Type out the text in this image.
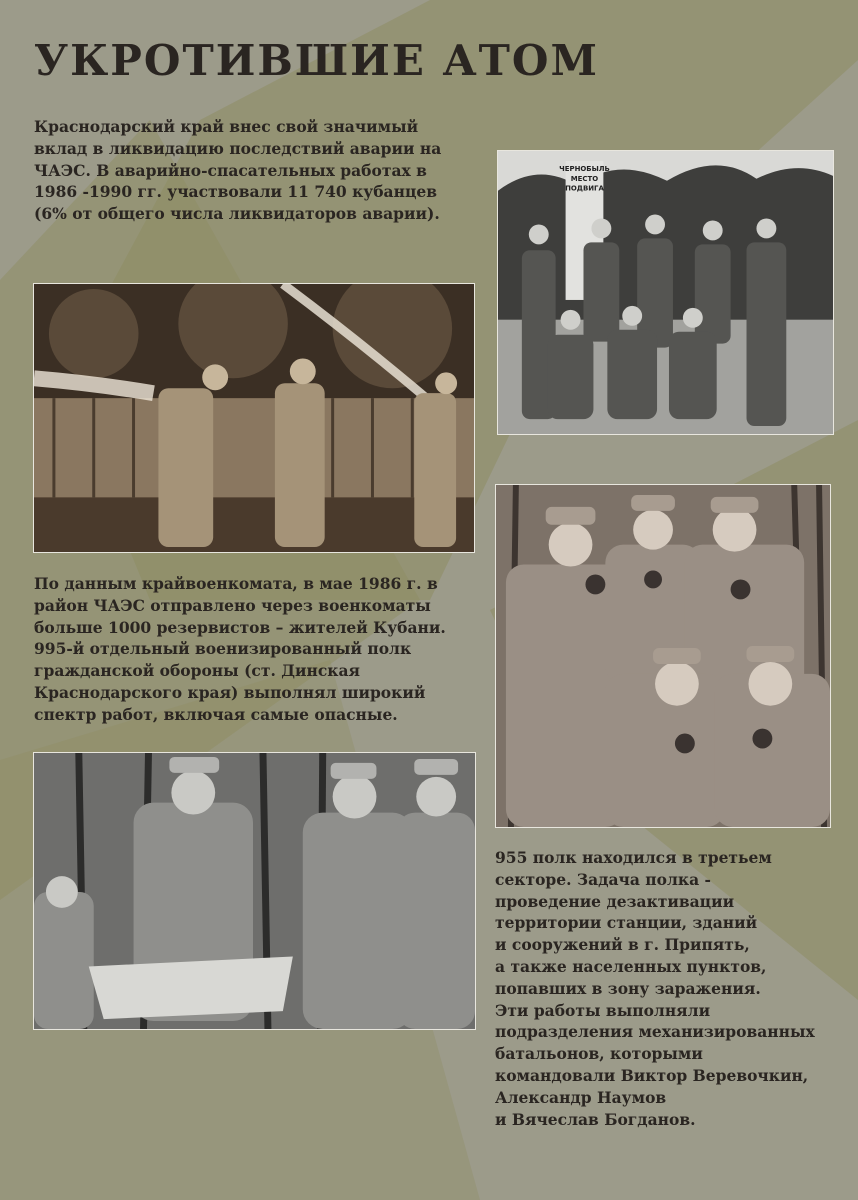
УКРОТИВШИЕ АТОМ
Краснодарский край внес свой значимый
вклад в ликвидацию последствий аварии на
ЧАЭС. В аварийно-спасательных работах в
1986 -1990 гг. участвовали 11 740 кубанцев
(6% от общего числа ликвидаторов аварии).
ЧЕРНОБЫЛЬ
МЕСТО
ПОДВИГА
По данным крайвоенкомата, в мае 1986 г. в
район ЧАЭС отправлено через военкоматы
больше 1000 резервистов – жителей Кубани.
995-й отдельный военизированный полк
гражданской обороны (ст. Динская
Краснодарского края) выполнял широкий
спектр работ, включая самые опасные.
955 полк находился в третьем
секторе. Задача полка -
проведение дезактивации
территории станции, зданий
и сооружений в г. Припять,
а также населенных пунктов,
попавших в зону заражения.
Эти работы выполняли
подразделения механизированных
батальонов, которыми
командовали Виктор Веревочкин,
Александр Наумов
и Вячеслав Богданов.
